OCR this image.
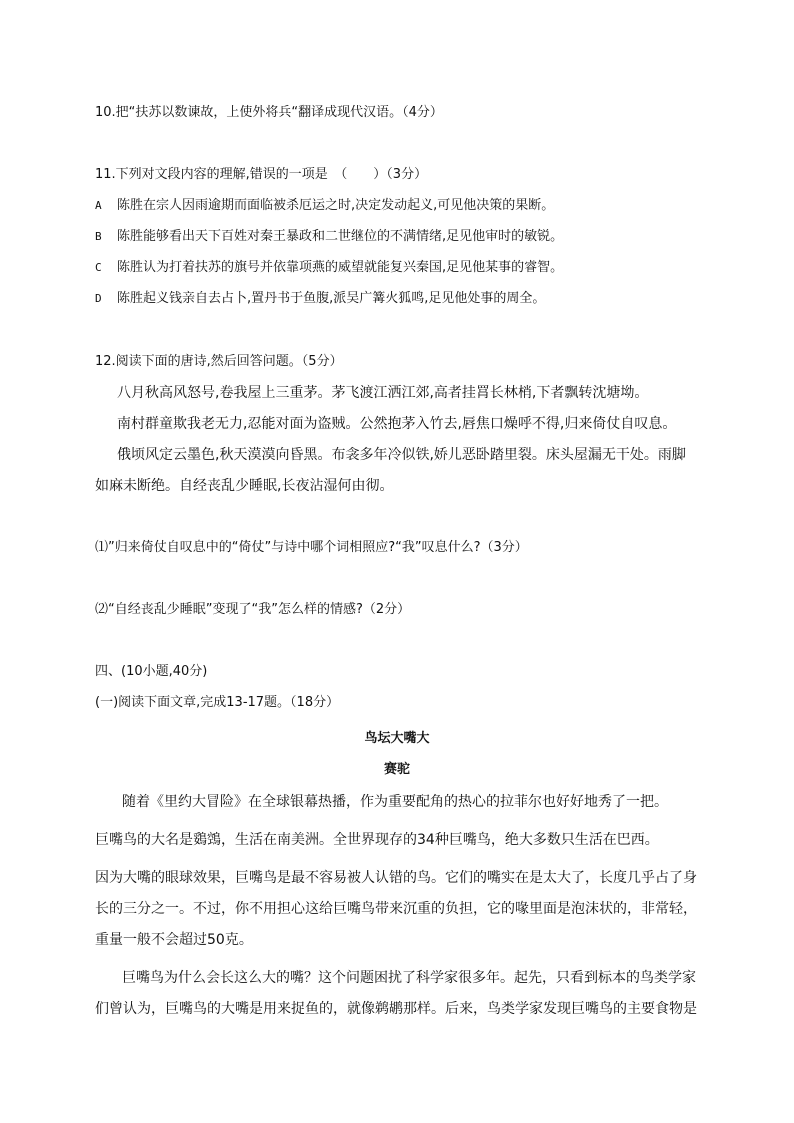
10.把“扶苏以数谏故，上使外将兵“翻译成现代汉语。（4分）
11.下列对文段内容的理解,错误的一项是　（　　）（3分）
A 陈胜在宗人因雨逾期而面临被杀厄运之时,决定发动起义,可见他决策的果断。
B 陈胜能够看出天下百姓对秦王暴政和二世继位的不满情绪,足见他审时的敏锐。
C 陈胜认为打着扶苏的旗号并依靠项燕的威望就能复兴秦国,足见他某事的睿智。
D 陈胜起义钱亲自去占卜,置丹书于鱼腹,派吴广篝火狐鸣,足见他处事的周全。
12.阅读下面的唐诗,然后回答问题。（5分）
八月秋高风怒号,卷我屋上三重茅。茅飞渡江洒江郊,高者挂罥长林梢,下者飘转沈塘坳。
南村群童欺我老无力,忍能对面为盗贼。公然抱茅入竹去,唇焦口燥呼不得,归来倚仗自叹息。
俄顷风定云墨色,秋天漠漠向昏黑。布衾多年冷似铁,娇儿恶卧踏里裂。床头屋漏无干处。雨脚
如麻未断绝。自经丧乱少睡眠,长夜沾湿何由彻。
⑴”归来倚仗自叹息中的“倚仗”与诗中哪个词相照应?“我”叹息什么?（3分）
⑵“自经丧乱少睡眠”变现了“我”怎么样的情感?（2分）
四、(10小题,40分)
(一)阅读下面文章,完成13-17题。（18分）
鸟坛大嘴大
赛驼
随着《里约大冒险》在全球银幕热播，作为重要配角的热心的拉菲尔也好好地秀了一把。
巨嘴鸟的大名是鵎鵼，生活在南美洲。全世界现存的34种巨嘴鸟，绝大多数只生活在巴西。
因为大嘴的眼球效果，巨嘴鸟是最不容易被人认错的鸟。它们的嘴实在是太大了，长度几乎占了身
长的三分之一。不过，你不用担心这给巨嘴鸟带来沉重的负担，它的喙里面是泡沫状的，非常轻，
重量一般不会超过50克。
巨嘴鸟为什么会长这么大的嘴？这个问题困扰了科学家很多年。起先，只看到标本的鸟类学家
们曾认为，巨嘴鸟的大嘴是用来捉鱼的，就像鹈鹕那样。后来，鸟类学家发现巨嘴鸟的主要食物是
